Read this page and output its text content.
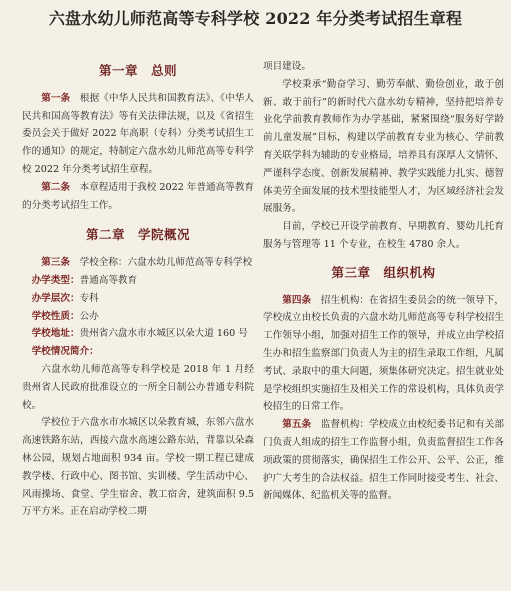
六盘水幼儿师范高等专科学校 2022 年分类考试招生章程
第一章　总则

第一条　 根据《中华人民共和国教育法》、《中华人民共和国高等教育法》等有关法律法规，以及《省招生委员会关于做好 2022 年高职（专科）分类考试招生工作的通知》的规定，特制定六盘水幼儿师范高等专科学校 2022 年分类考试招生章程。

第二条　 本章程适用于我校 2022 年普通高等教育的分类考试招生工作。

第二章　学院概况

第三条　 学校全称：六盘水幼儿师范高等专科学校

办学类型：普通高等教育

办学层次：专科

学校性质：公办

学校地址：贵州省六盘水市水城区以朵大道 160 号

学校情况简介：

六盘水幼儿师范高等专科学校是 2018 年 1 月经贵州省人民政府批准设立的一所全日制公办普通专科院校。

学校位于六盘水市水城区以朵教育城，东邻六盘水高速铁路东站，西接六盘水高速公路东站，背靠以朵森林公园，规划占地面积 934 亩。学校一期工程已建成教学楼、行政中心、图书馆、实训楼、学生活动中心、风雨操场、食堂、学生宿舍、教工宿舍，建筑面积 9.5 万平方米。正在启动学校二期

项目建设。

学校秉承“勤奋学习、勤劳奉献、勤俭创业，敢于创新、敢于前行”的新时代六盘水幼专精神，坚持把培养专业化学前教育教师作为办学基础，紧紧围绕“服务好学龄前儿童发展”目标，构建以学前教育专业为核心、学前教育关联学科为辅助的专业格局，培养具有深厚人文情怀、严谨科学态度、创新发展精神、教学实践能力扎实、德智体美劳全面发展的技术型技能型人才，为区域经济社会发展服务。

目前，学校已开设学前教育、早期教育、婴幼儿托育服务与管理等 11 个专业，在校生 4780 余人。

第三章　组织机构

第四条　 招生机构：在省招生委员会的统一领导下，学校成立由校长负责的六盘水幼儿师范高等专科学校招生工作领导小组，加强对招生工作的领导，并成立由学校招生办和招生监察部门负责人为主的招生录取工作组，凡属考试、录取中的重大问题，须集体研究决定。招生就业处是学校组织实施招生及相关工作的常设机构，具体负责学校招生的日常工作。

第五条　 监督机构：学校成立由校纪委书记和有关部门负责人组成的招生工作监督小组，负责监督招生工作各项政策的贯彻落实，确保招生工作公开、公平、公正，维护广大考生的合法权益。招生工作同时接受考生、社会、新闻媒体、纪监机关等的监督。
